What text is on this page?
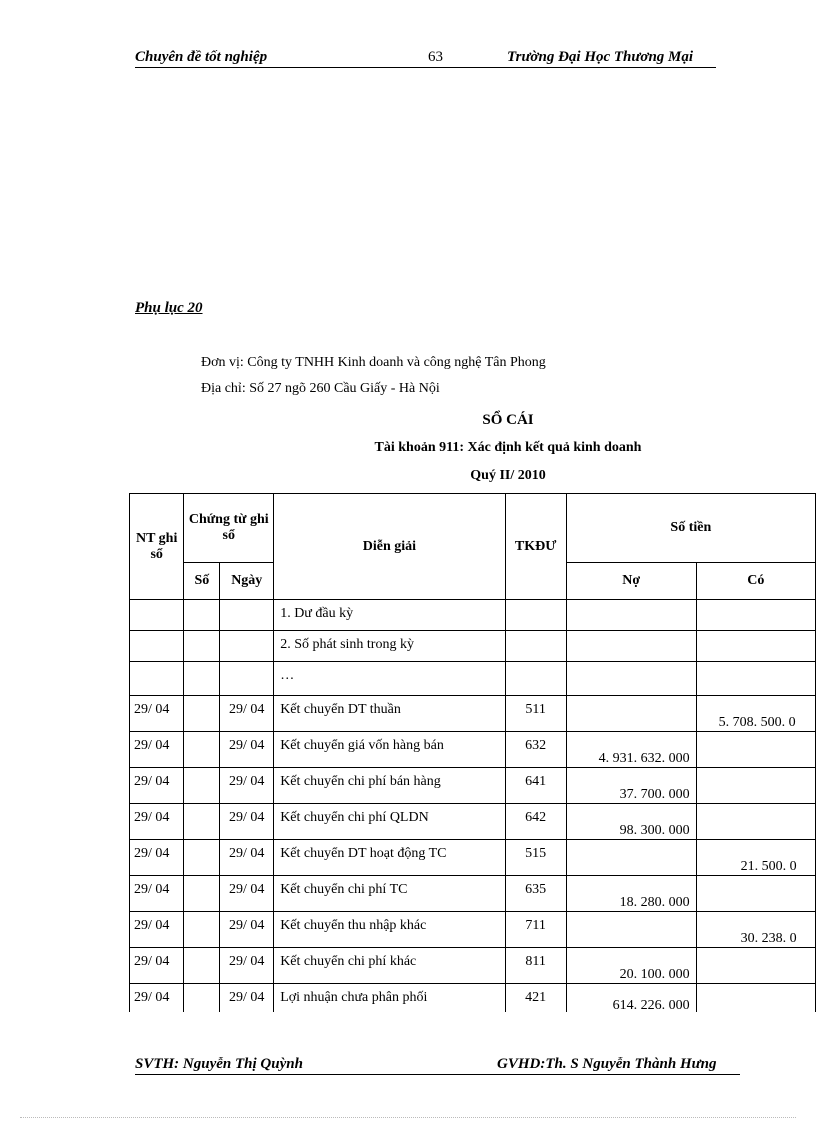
Chuyên đề tốt nghiệp	63	Trường Đại Học Thương Mại
Phụ lục 20
Đơn vị: Công ty TNHH Kinh doanh và công nghệ Tân Phong
Địa chỉ: Số 27 ngõ 260 Cầu Giấy - Hà Nội
SỔ CÁI
Tài khoản 911: Xác định kết quả kinh doanh
Quý II/ 2010
NT ghi sổ	Chứng từ ghi sổ		Diễn giải	TKĐƯ	Số tiền	
	Số	Ngày			Nợ	Có
			1. Dư đầu kỳ			
			2. Số phát sinh trong kỳ			
			…			
29/ 04		29/ 04	Kết chuyển DT thuần	511		5. 708. 500. 0
29/ 04		29/ 04	Kết chuyển giá vốn hàng bán	632	4. 931. 632. 000	
29/ 04		29/ 04	Kết chuyển chi phí bán hàng	641	37. 700. 000	
29/ 04		29/ 04	Kết chuyển chi phí QLDN	642	98. 300. 000	
29/ 04		29/ 04	Kết chuyển DT hoạt động TC	515		21. 500. 0
29/ 04		29/ 04	Kết chuyển chi phí TC	635	18. 280. 000	
29/ 04		29/ 04	Kết chuyển thu nhập khác	711		30. 238. 0
29/ 04		29/ 04	Kết chuyển chi phí khác	811	20. 100. 000	
29/ 04		29/ 04	Lợi nhuận chưa phân phối	421	614. 226. 000	
SVTH: Nguyễn Thị Quỳnh	GVHD:Th. S Nguyễn Thành Hưng
